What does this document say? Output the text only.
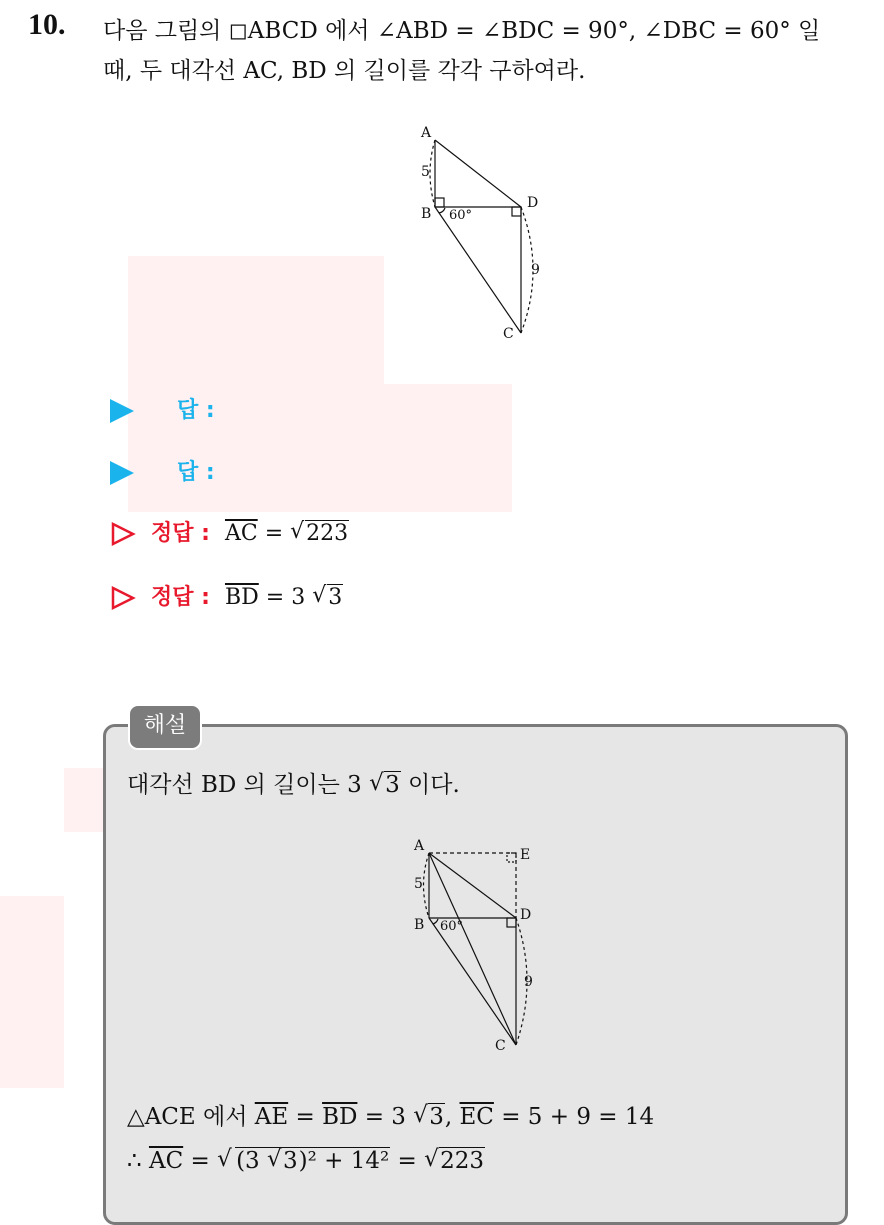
10. 다음 그림의 ◻ABCD 에서 ∠ABD = ∠BDC = 90°, ∠DBC = 60° 일
때, 두 대각선 AC, BD 의 길이를 각각 구하여라.
A
5
B 60°
D
9
C
답 :
답 :
정답 : $\overline{AC}$ = √ 223
정답 : $\overline{BD} = 3$ √ 3
해설
대각선 BD 의 길이는 3 √ 3 이다.
A
E
5
B 60°
D
9
C
△ACE 에서 $\overline{AE} = \overline{BD} = 3$ √ 3, $\overline{EC} = 5 + 9 = 14$
∴ $\overline{AC}$ = √ (3 √ 3)² + 14² = √ 223
